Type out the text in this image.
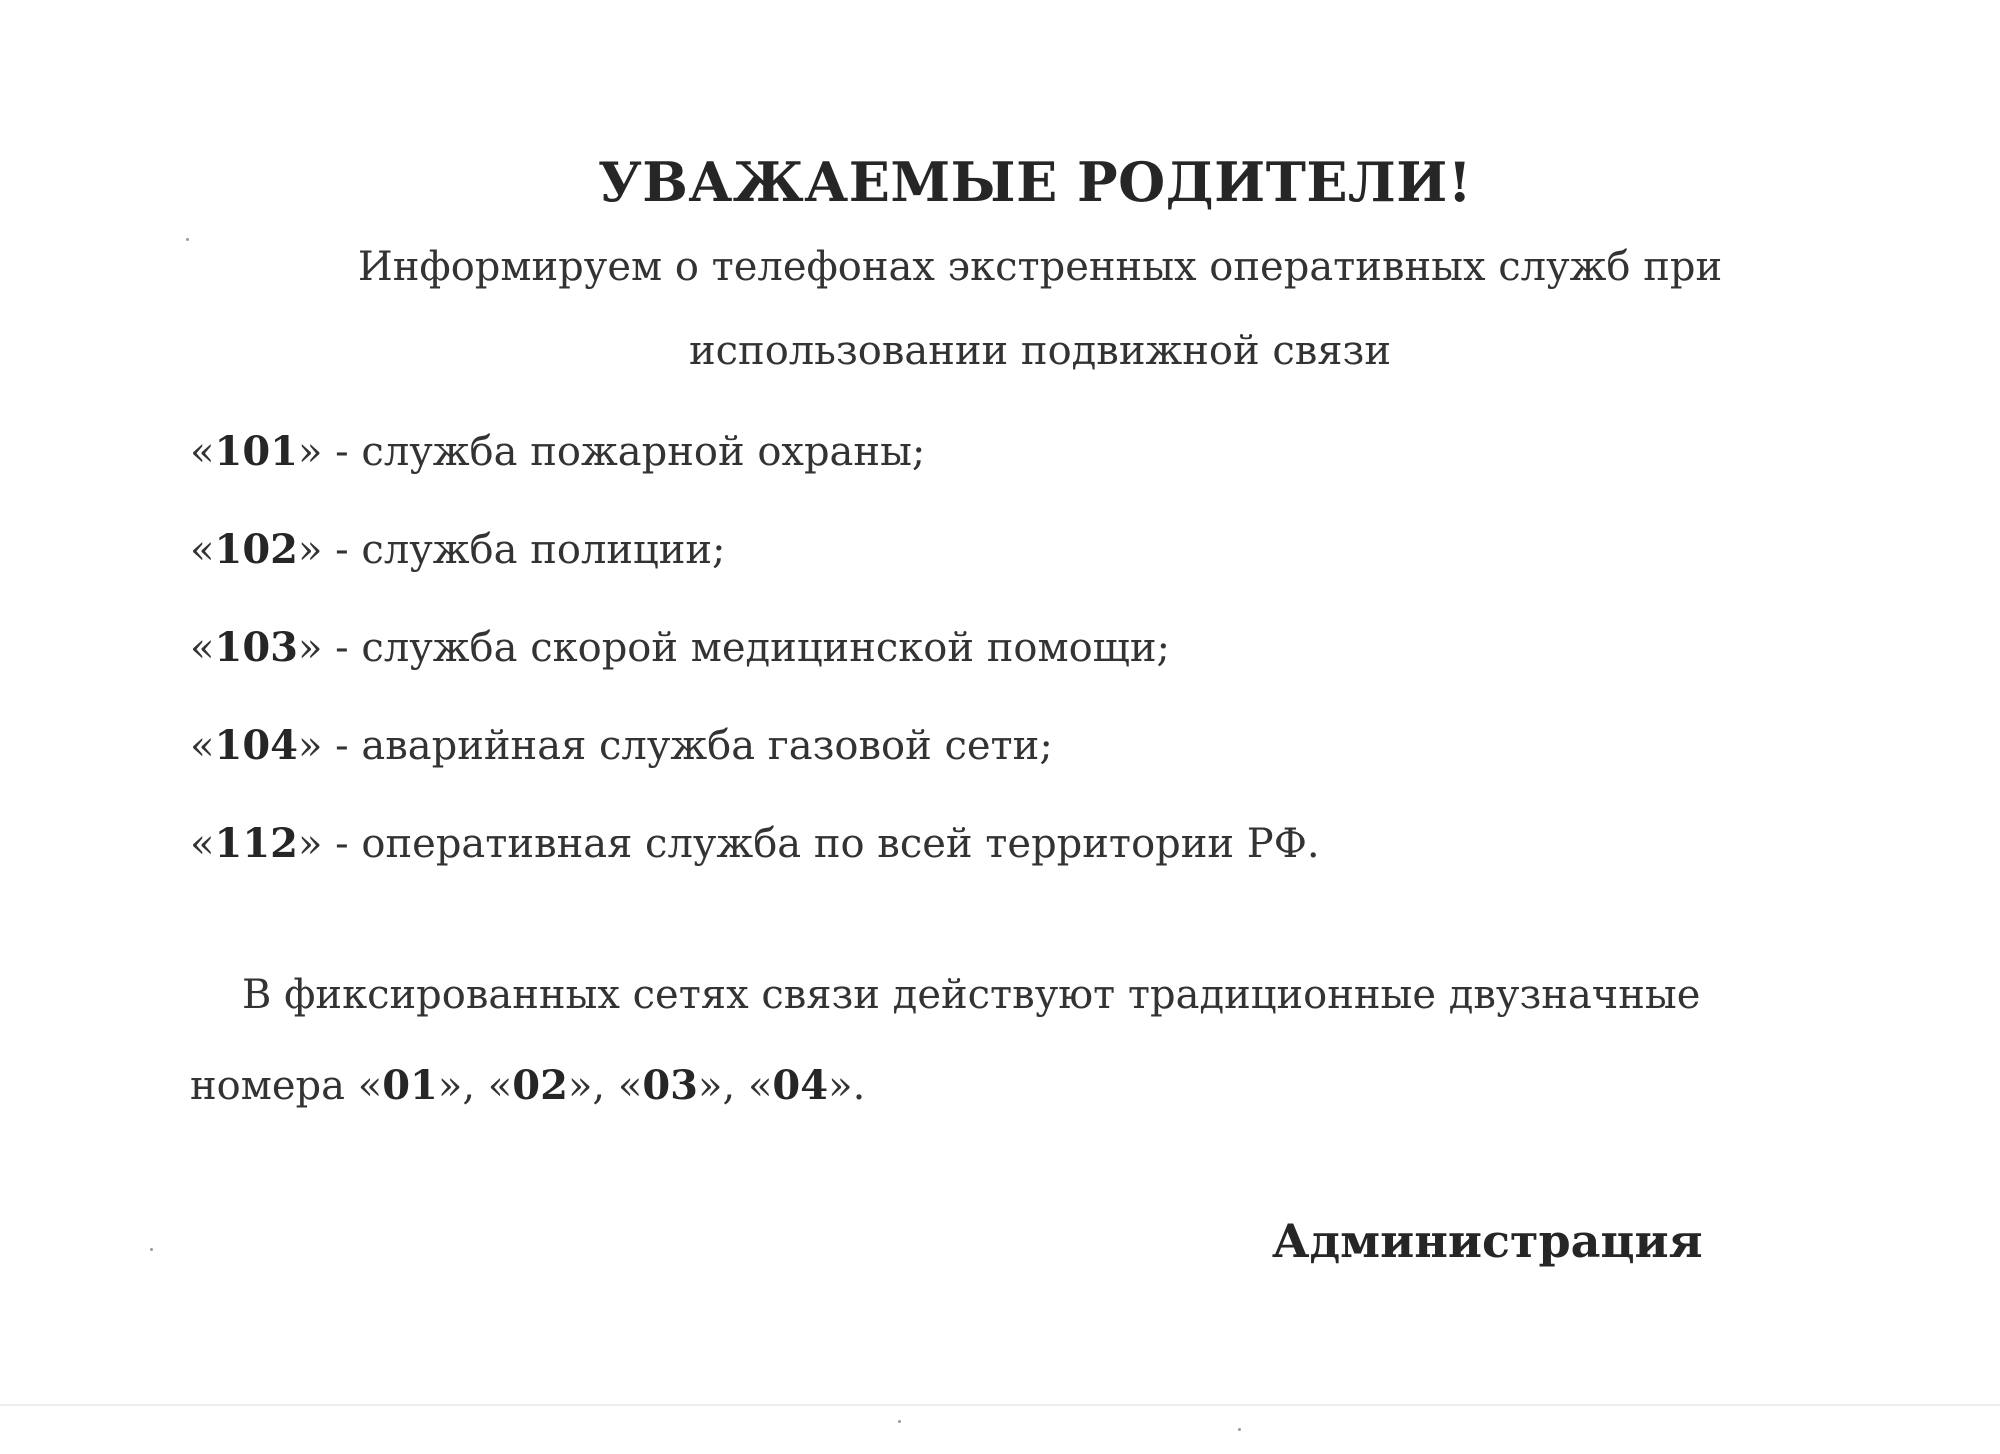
УВАЖАЕМЫЕ РОДИТЕЛИ!
Информируем о телефонах экстренных оперативных служб при
использовании подвижной связи
«101» - служба пожарной охраны;
«102» - служба полиции;
«103» - служба скорой медицинской помощи;
«104» - аварийная служба газовой сети;
«112» - оперативная служба по всей территории РФ.
В фиксированных сетях связи действуют традиционные двузначные
номера «01», «02», «03», «04».
Администрация
